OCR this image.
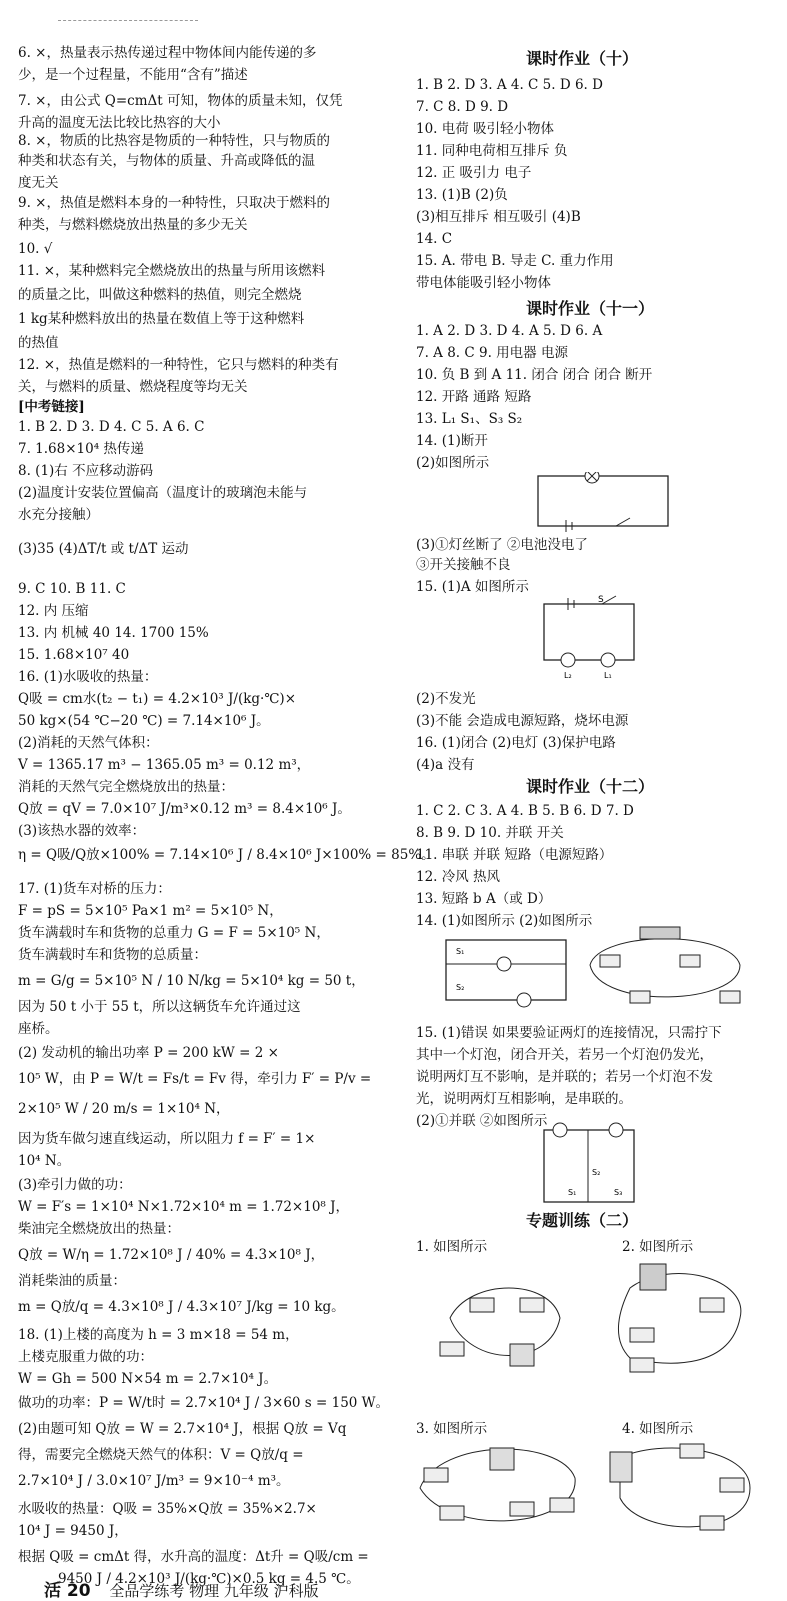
6. ×，热量表示热传递过程中物体间内能传递的多
少，是一个过程量，不能用“含有”描述
7. ×，由公式 Q=cmΔt 可知，物体的质量未知，仅凭
升高的温度无法比较比热容的大小
8. ×，物质的比热容是物质的一种特性，只与物质的
种类和状态有关，与物体的质量、升高或降低的温
度无关
9. ×，热值是燃料本身的一种特性，只取决于燃料的
种类，与燃料燃烧放出热量的多少无关
10. √
11. ×，某种燃料完全燃烧放出的热量与所用该燃料
的质量之比，叫做这种燃料的热值，则完全燃烧
1 kg某种燃料放出的热量在数值上等于这种燃料
的热值
12. ×，热值是燃料的一种特性，它只与燃料的种类有
关，与燃料的质量、燃烧程度等均无关
[中考链接]
1. B 2. D 3. D 4. C 5. A 6. C
7. 1.68×10⁴ 热传递
8. (1)右 不应移动游码
(2)温度计安装位置偏高（温度计的玻璃泡未能与
水充分接触）
(3)35 (4)ΔT/t 或 t/ΔT 运动
9. C 10. B 11. C
12. 内 压缩
13. 内 机械 40 14. 1700 15%
15. 1.68×10⁷ 40
16. (1)水吸收的热量：
Q吸 = cm水(t₂ − t₁) = 4.2×10³ J/(kg·℃)×
50 kg×(54 ℃−20 ℃) = 7.14×10⁶ J。
(2)消耗的天然气体积：
V = 1365.17 m³ − 1365.05 m³ = 0.12 m³，
消耗的天然气完全燃烧放出的热量：
Q放 = qV = 7.0×10⁷ J/m³×0.12 m³ = 8.4×10⁶ J。
(3)该热水器的效率：
η = Q吸/Q放×100% = 7.14×10⁶ J / 8.4×10⁶ J×100% = 85%。
17. (1)货车对桥的压力：
F = pS = 5×10⁵ Pa×1 m² = 5×10⁵ N，
货车满载时车和货物的总重力 G = F = 5×10⁵ N，
货车满载时车和货物的总质量：
m = G/g = 5×10⁵ N / 10 N/kg = 5×10⁴ kg = 50 t，
因为 50 t 小于 55 t，所以这辆货车允许通过这
座桥。
(2) 发动机的输出功率 P = 200 kW = 2 ×
10⁵ W，由 P = W/t = Fs/t = Fv 得，牵引力 F′ = P/v =
2×10⁵ W / 20 m/s = 1×10⁴ N，
因为货车做匀速直线运动，所以阻力 f = F′ = 1×
10⁴ N。
(3)牵引力做的功：
W = F′s = 1×10⁴ N×1.72×10⁴ m = 1.72×10⁸ J，
柴油完全燃烧放出的热量：
Q放 = W/η = 1.72×10⁸ J / 40% = 4.3×10⁸ J，
消耗柴油的质量：
m = Q放/q = 4.3×10⁸ J / 4.3×10⁷ J/kg = 10 kg。
18. (1)上楼的高度为 h = 3 m×18 = 54 m，
上楼克服重力做的功：
W = Gh = 500 N×54 m = 2.7×10⁴ J。
做功的功率：P = W/t时 = 2.7×10⁴ J / 3×60 s = 150 W。
(2)由题可知 Q放 = W = 2.7×10⁴ J，根据 Q放 = Vq
得，需要完全燃烧天然气的体积：V = Q放/q =
2.7×10⁴ J / 3.0×10⁷ J/m³ = 9×10⁻⁴ m³。
水吸收的热量：Q吸 = 35%×Q放 = 35%×2.7×
10⁴ J = 9450 J，
根据 Q吸 = cmΔt 得，水升高的温度：Δt升 = Q吸/cm =
课时作业（十）
1. B 2. D 3. A 4. C 5. D 6. D
7. C 8. D 9. D
10. 电荷 吸引轻小物体
11. 同种电荷相互排斥 负
12. 正 吸引力 电子
13. (1)B (2)负
(3)相互排斥 相互吸引 (4)B
14. C
15. A. 带电 B. 导走 C. 重力作用
带电体能吸引轻小物体
课时作业（十一）
1. A 2. D 3. D 4. A 5. D 6. A
7. A 8. C 9. 用电器 电源
10. 负 B 到 A 11. 闭合 闭合 闭合 断开
12. 开路 通路 短路
13. L₁ S₁、S₃ S₂
14. (1)断开
(2)如图所示
(3)①灯丝断了 ②电池没电了
③开关接触不良
15. (1)A 如图所示
(2)不发光
(3)不能 会造成电源短路，烧坏电源
16. (1)闭合 (2)电灯 (3)保护电路
(4)a 没有
课时作业（十二）
1. C 2. C 3. A 4. B 5. B 6. D 7. D
8. B 9. D 10. 并联 开关
11. 串联 并联 短路（电源短路）
12. 冷风 热风
13. 短路 b A（或 D）
14. (1)如图所示 (2)如图所示
15. (1)错误 如果要验证两灯的连接情况，只需拧下
其中一个灯泡，闭合开关，若另一个灯泡仍发光，
说明两灯互不影响，是并联的；若另一个灯泡不发
光，说明两灯互相影响，是串联的。
(2)①并联 ②如图所示
专题训练（二）
1. 如图所示	2. 如图所示
3. 如图所示	4. 如图所示
9450 J / 4.2×10³ J/(kg·℃)×0.5 kg = 4.5 ℃。
S
L₂	L₁
S₁
S₂
S₁	S₃
S₂
活 20 全品学练考 物理 九年级 沪科版
